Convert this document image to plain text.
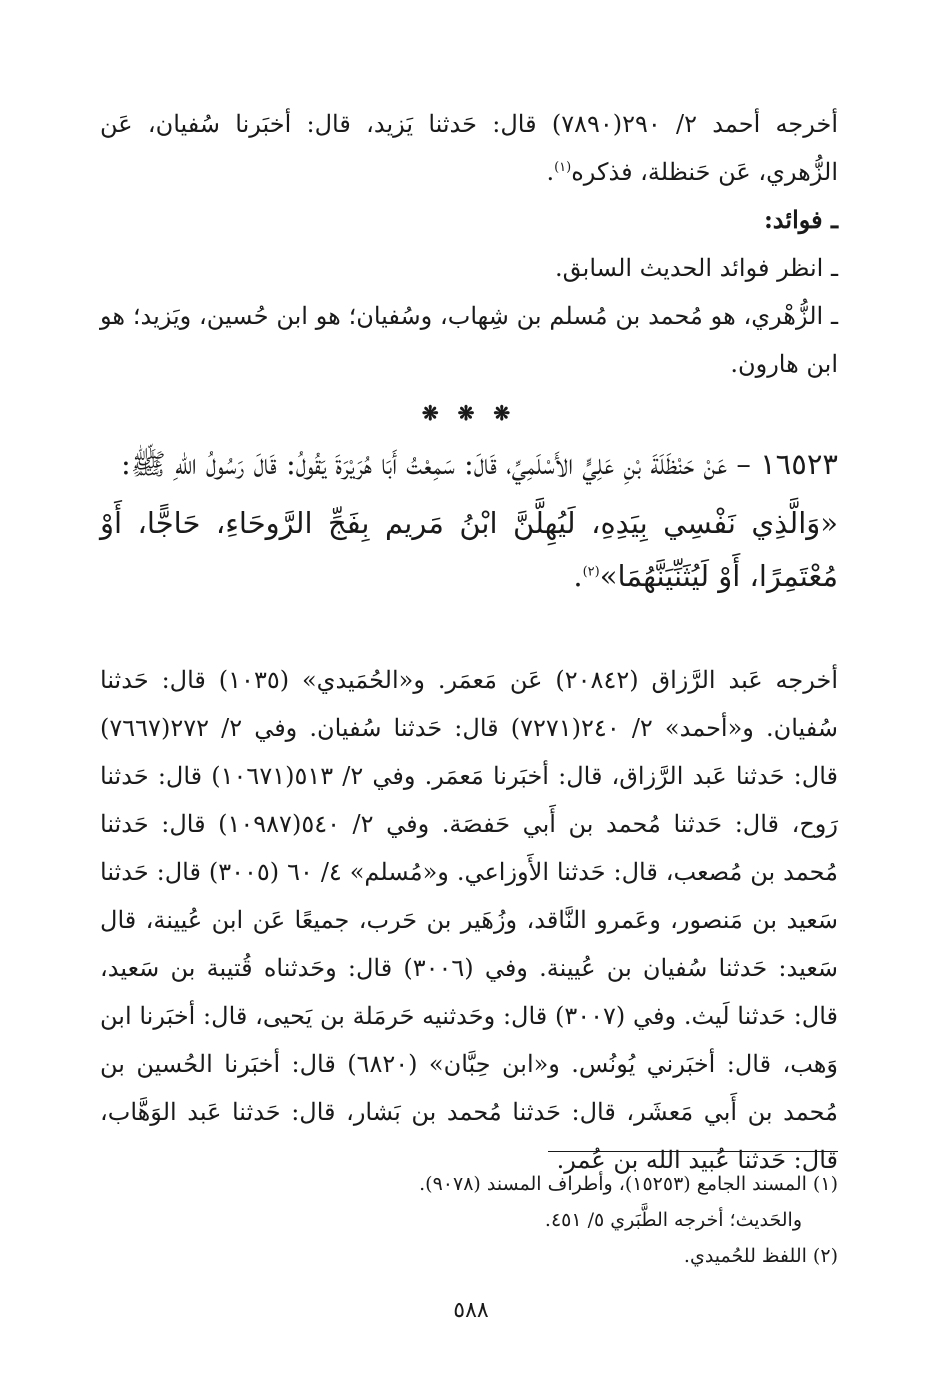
أخرجه أحمد ٢/ ٢٩٠(٧٨٩٠) قال: حَدثنا يَزيد، قال: أخبَرنا سُفيان، عَن الزُّهري، عَن حَنظلة، فذكره$^{(١)}$.

ـ فوائد:

ـ انظر فوائد الحديث السابق.

ـ الزُّهْري، هو مُحمد بن مُسلم بن شِهاب، وسُفيان؛ هو ابن حُسين، ويَزيد؛ هو ابن هارون.

❋ ❋ ❋

١٦٥٢٣ – عَنْ حَنْظَلَةَ بْنِ عَلِيٍّ الأَسْلَمِيِّ، قَالَ: سَمِعْتُ أَبَا هُرَيْرَةَ يَقُولُ: قَالَ رَسُولُ اللهِ ﷺ:

«وَالَّذِي نَفْسِي بِيَدِهِ، لَيُهِلَّنَّ ابْنُ مَريم بِفَجِّ الرَّوحَاءِ، حَاجًّا، أَوْ مُعْتَمِرًا، أَوْ لَيُثَنِّيَنَّهُمَا»$^{(٢)}$.

أخرجه عَبد الرَّزاق (٢٠٨٤٢) عَن مَعمَر. و«الحُمَيدي» (١٠٣٥) قال: حَدثنا سُفيان. و«أحمد» ٢/ ٢٤٠(٧٢٧١) قال: حَدثنا سُفيان. وفي ٢/ ٢٧٢(٧٦٦٧) قال: حَدثنا عَبد الرَّزاق، قال: أخبَرنا مَعمَر. وفي ٢/ ٥١٣(١٠٦٧١) قال: حَدثنا رَوح، قال: حَدثنا مُحمد بن أَبي حَفصَة. وفي ٢/ ٥٤٠(١٠٩٨٧) قال: حَدثنا مُحمد بن مُصعب، قال: حَدثنا الأَوزاعي. و«مُسلم» ٤/ ٦٠ (٣٠٠٥) قال: حَدثنا سَعيد بن مَنصور، وعَمرو النَّاقد، وزُهَير بن حَرب، جميعًا عَن ابن عُيينة، قال سَعيد: حَدثنا سُفيان بن عُيينة. وفي (٣٠٠٦) قال: وحَدثناه قُتيبة بن سَعيد، قال: حَدثنا لَيث. وفي (٣٠٠٧) قال: وحَدثنيه حَرمَلة بن يَحيى، قال: أخبَرنا ابن وَهب، قال: أخبَرني يُونُس. و«ابن حِبَّان» (٦٨٢٠) قال: أخبَرنا الحُسين بن مُحمد بن أَبي مَعشَر، قال: حَدثنا مُحمد بن بَشار، قال: حَدثنا عَبد الوَهَّاب، قال: حَدثنا عُبيد الله بن عُمر.

(١) المسند الجامع (١٥٢٥٣)، وأطراف المسند (٩٠٧٨).

والحَديث؛ أخرجه الطَّبَري ٥/ ٤٥١.

(٢) اللفظ للحُميدي.

٥٨٨
